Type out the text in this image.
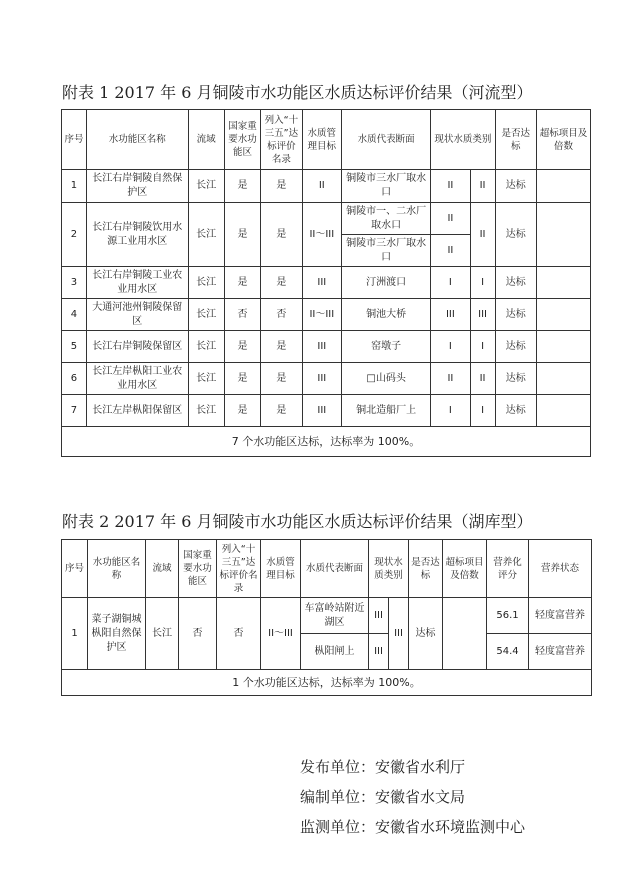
附表 1 2017 年 6 月铜陵市水功能区水质达标评价结果（河流型）
序号	水功能区名称	流域	国家重要水功能区	列入“十三五”达标评价名录	水质管理目标	水质代表断面	现状水质类别		是否达标	超标项目及倍数
1	长江右岸铜陵自然保护区	长江	是	是	II	铜陵市三水厂取水口	II	II	达标	
2	长江右岸铜陵饮用水源工业用水区	长江	是	是	II～III	铜陵市一、二水厂取水口	II	II	达标	
						铜陵市三水厂取水口	II			
3	长江右岸铜陵工业农业用水区	长江	是	是	III	汀洲渡口	I	I	达标	
4	大通河池州铜陵保留区	长江	否	否	II～III	铜池大桥	III	III	达标	
5	长江右岸铜陵保留区	长江	是	是	III	窑墩子	I	I	达标	
6	长江左岸枞阳工业农业用水区	长江	是	是	III	□山码头	II	II	达标	
7	长江左岸枞阳保留区	长江	是	是	III	铜北造船厂上	I	I	达标	
7 个水功能区达标，达标率为 100%。										
附表 2 2017 年 6 月铜陵市水功能区水质达标评价结果（湖库型）
序号	水功能区名称	流域	国家重要水功能区	列入“十三五”达标评价名录	水质管理目标	水质代表断面	现状水质类别		是否达标	超标项目及倍数	营养化评分	营养状态
1	菜子湖铜城枞阳自然保护区	长江	否	否	II～III	车富岭站附近湖区	III	III	达标		56.1	轻度富营养
						枞阳闸上	III				54.4	轻度富营养
1 个水功能区达标，达标率为 100%。												
发布单位：安徽省水利厅
编制单位：安徽省水文局
监测单位：安徽省水环境监测中心
